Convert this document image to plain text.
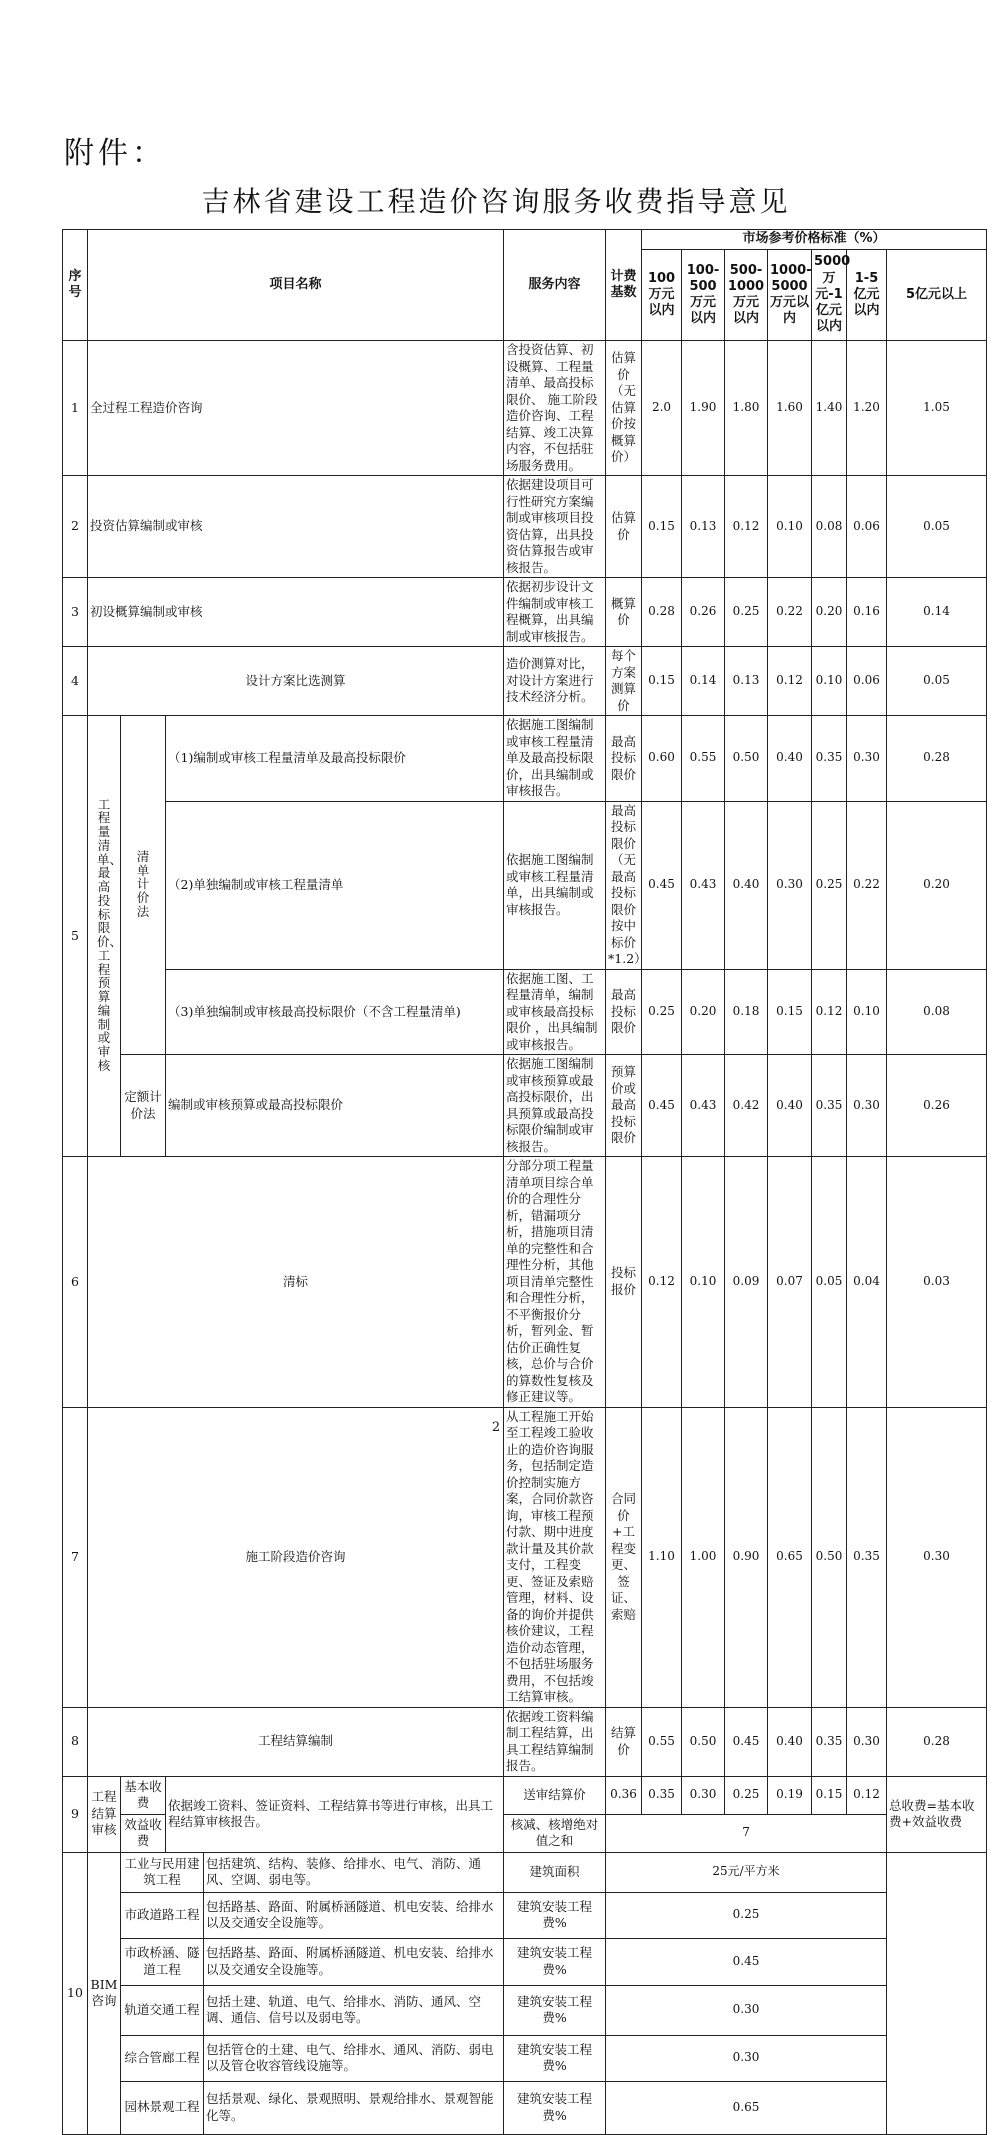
附件：
吉林省建设工程造价咨询服务收费指导意见
序号	项目名称				服务内容	计费基数	市场参考价格标准（%）	
							100万元以内	100-500万元以内	500-1000万元以内	1000-5000万元以内	5000万元-1亿元以内	1-5亿元以内	5亿元以上	
1	全过程工程造价咨询				含投资估算、初设概算、工程量清单、最高投标限价、 施工阶段造价咨询、工程结算、竣工决算内容，不包括驻场服务费用。	估算价（无估算价按概算价）	2.0	1.90	1.80	1.60	1.40	1.20	1.05	
2	投资估算编制或审核				依据建设项目可行性研究方案编制或审核项目投资估算，出具投资估算报告或审核报告。	估算价	0.15	0.13	0.12	0.10	0.08	0.06	0.05	
3	初设概算编制或审核				依据初步设计文件编制或审核工程概算，出具编制或审核报告。	概算价	0.28	0.26	0.25	0.22	0.20	0.16	0.14	
4	设计方案比选测算				造价测算对比，对设计方案进行技术经济分析。	每个方案测算价	0.15	0.14	0.13	0.12	0.10	0.06	0.05	
5	工程量清单、最高投标限价、工程预算编制或审核	清单计价法	（1)编制或审核工程量清单及最高投标限价		依据施工图编制或审核工程量清单及最高投标限价，出具编制或审核报告。	最高投标限价	0.60	0.55	0.50	0.40	0.35	0.30	0.28	
			（2)单独编制或审核工程量清单		依据施工图编制或审核工程量清单，出具编制或审核报告。	最高投标限价（无最高投标限价按中标价*1.2）	0.45	0.43	0.40	0.30	0.25	0.22	0.20	
			（3)单独编制或审核最高投标限价（不含工程量清单)		依据施工图、工程量清单，编制或审核最高投标限价 ，出具编制或审核报告。	最高投标限价	0.25	0.20	0.18	0.15	0.12	0.10	0.08	
		定额计价法	编制或审核预算或最高投标限价		依据施工图编制或审核预算或最高投标限价，出具预算或最高投标限价编制或审核报告。	预算价或最高投标限价	0.45	0.43	0.42	0.40	0.35	0.30	0.26	
6	清标				分部分项工程量清单项目综合单价的合理性分析，错漏项分析，措施项目清单的完整性和合理性分析，其他项目清单完整性和合理性分析，不平衡报价分析，暂列金、暂估价正确性复核，总价与合价的算数性复核及修正建议等。	投标报价	0.12	0.10	0.09	0.07	0.05	0.04	0.03	
7	施工阶段造价咨询				从工程施工开始至工程竣工验收止的造价咨询服务，包括制定造价控制实施方案，合同价款咨询，审核工程预付款、期中进度款计量及其价款支付，工程变更、签证及索赔管理，材料、设备的询价并提供核价建议，工程造价动态管理，不包括驻场服务费用，不包括竣工结算审核。	合同价+工程变更、签证、索赔	1.10	1.00	0.90	0.65	0.50	0.35	0.30	
8	工程结算编制				依据竣工资料编制工程结算，出具工程结算编制报告。	结算价	0.55	0.50	0.45	0.40	0.35	0.30	0.28	
9	工程结算审核	基本收费	依据竣工资料、签证资料、工程结算书等进行审核，出具工程结算审核报告。		送审结算价	0.36	0.35	0.30	0.25	0.19	0.15	0.12	总收费=基本收费+效益收费	
		效益收费			核减、核增绝对值之和	7								
10	BIM咨询	工业与民用建筑工程		包括建筑、结构、装修、给排水、电气、消防、通风、空调、弱电等。	建筑面积	25元/平方米								
		市政道路工程		包括路基、路面、附属桥涵隧道、机电安装、给排水以及交通安全设施等。	建筑安装工程费%	0.25								
		市政桥涵、隧道工程		包括路基、路面、附属桥涵隧道、机电安装、给排水以及交通安全设施等。	建筑安装工程费%	0.45								
		轨道交通工程		包括土建、轨道、电气、给排水、消防、通风、空调、通信、信号以及弱电等。	建筑安装工程费%	0.30								
		综合管廊工程		包括管仓的土建、电气、给排水、通风、消防、弱电以及管仓收容管线设施等。	建筑安装工程费%	0.30								
		园林景观工程		包括景观、绿化、景观照明、景观给排水、景观智能化等。	建筑安装工程费%	0.65								
2
